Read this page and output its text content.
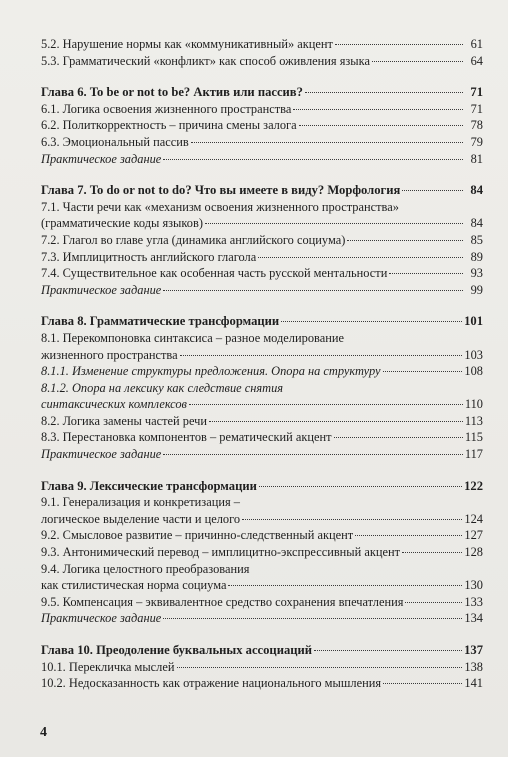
5.2. Нарушение нормы как «коммуникативный» акцент	61
5.3. Грамматический «конфликт» как способ оживления языка	64
Глава 6. To be or not to be? Актив или пассив?	71
6.1. Логика освоения жизненного пространства	71
6.2. Политкорректность – причина смены залога	78
6.3. Эмоциональный пассив	79
Практическое задание	81
Глава 7. To do or not to do? Что вы имеете в виду? Морфология	84
7.1. Части речи как «механизм освоения жизненного пространства»
(грамматические коды языков)	84
7.2. Глагол во главе угла (динамика английского социума)	85
7.3. Имплицитность английского глагола	89
7.4. Существительное как особенная часть русской ментальности	93
Практическое задание	99
Глава 8. Грамматические трансформации	101
8.1. Перекомпоновка синтаксиса – разное моделирование
жизненного пространства	103
8.1.1. Изменение структуры предложения. Опора на структуру	108
8.1.2. Опора на лексику как следствие снятия
синтаксических комплексов	110
8.2. Логика замены частей речи	113
8.3. Перестановка компонентов – рематический акцент	115
Практическое задание	117
Глава 9. Лексические трансформации	122
9.1. Генерализация и конкретизация –
логическое выделение части и целого	124
9.2. Смысловое развитие – причинно-следственный акцент	127
9.3. Антонимический перевод – имплицитно-экспрессивный акцент	128
9.4. Логика целостного преобразования
как стилистическая норма социума	130
9.5. Компенсация – эквивалентное средство сохранения впечатления	133
Практическое задание	134
Глава 10. Преодоление буквальных ассоциаций	137
10.1. Перекличка мыслей	138
10.2. Недосказанность как отражение национального мышления	141
4
